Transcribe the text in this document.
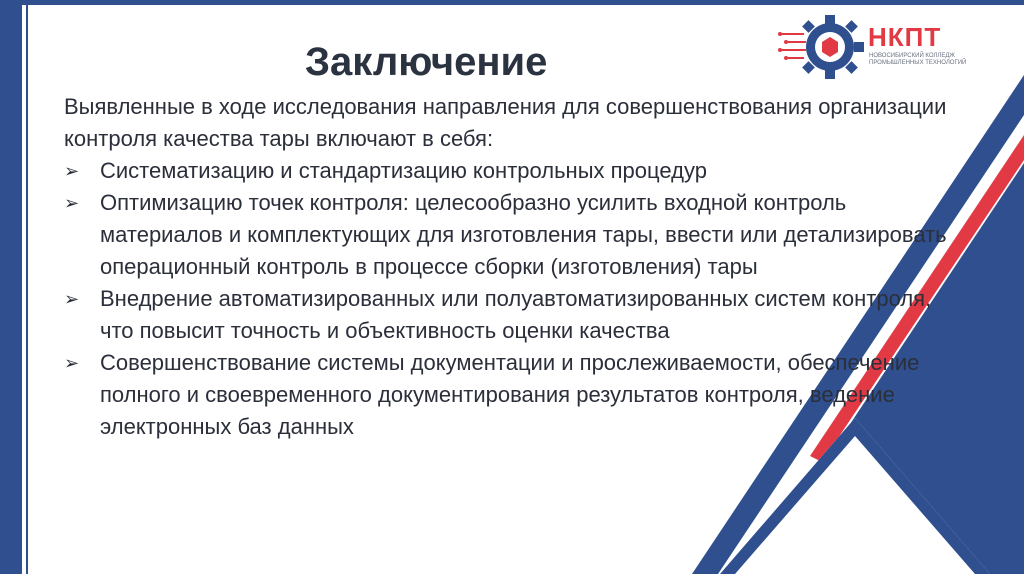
НКПТ

НОВОСИБИРСКИЙ КОЛЛЕДЖ ПРОМЫШЛЕННЫХ ТЕХНОЛОГИЙ

Заключение

Выявленные в ходе исследования направления для совершенствования организации контроля качества тары включают в себя:

➢ Систематизацию и стандартизацию контрольных процедур

➢ Оптимизацию точек контроля: целесообразно усилить входной контроль материалов и комплектующих для изготовления тары, ввести или детализировать операционный контроль в процессе сборки (изготовления) тары

➢ Внедрение автоматизированных или полуавтоматизированных систем контроля, что повысит точность и объективность оценки качества

➢ Совершенствование системы документации и прослеживаемости, обеспечение полного и своевременного документирования результатов контроля, ведение электронных баз данных
